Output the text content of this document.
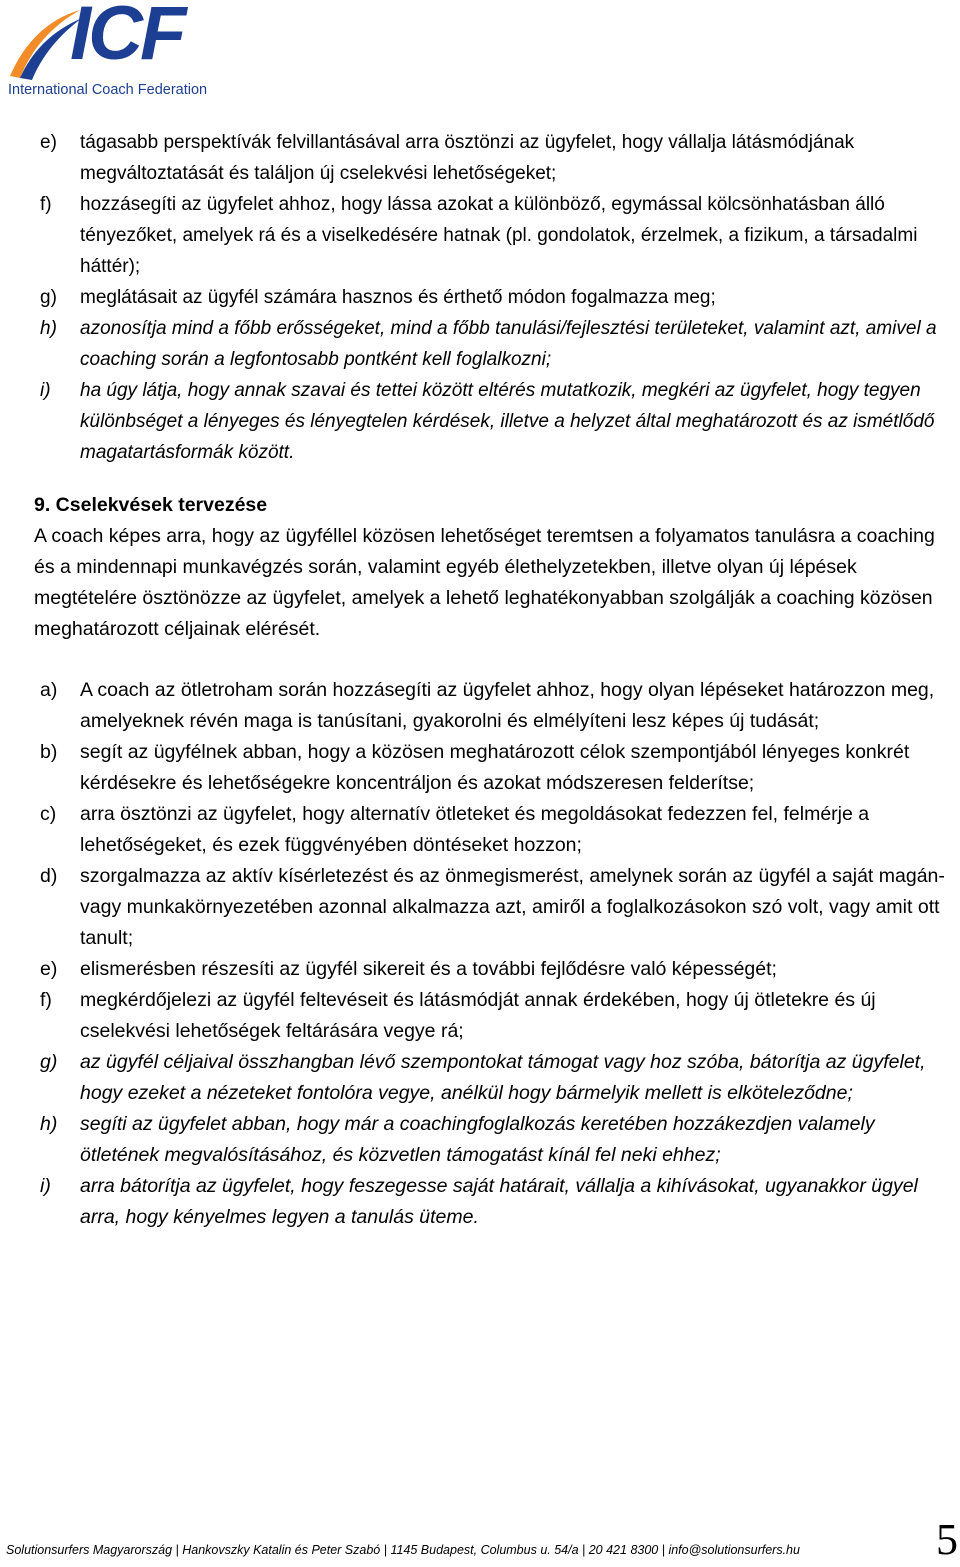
ICF
International Coach Federation
e) tágasabb perspektívák felvillantásával arra ösztönzi az ügyfelet, hogy vállalja látásmódjának megváltoztatását és találjon új cselekvési lehetőségeket;
f) hozzásegíti az ügyfelet ahhoz, hogy lássa azokat a különböző, egymással kölcsönhatásban álló tényezőket, amelyek rá és a viselkedésére hatnak (pl. gondolatok, érzelmek, a fizikum, a társadalmi háttér);
g) meglátásait az ügyfél számára hasznos és érthető módon fogalmazza meg;
h) azonosítja mind a főbb erősségeket, mind a főbb tanulási/fejlesztési területeket, valamint azt, amivel a coaching során a legfontosabb pontként kell foglalkozni;
i) ha úgy látja, hogy annak szavai és tettei között eltérés mutatkozik, megkéri az ügyfelet, hogy tegyen különbséget a lényeges és lényegtelen kérdések, illetve a helyzet által meghatározott és az ismétlődő magatartásformák között.
9. Cselekvések tervezése

A coach képes arra, hogy az ügyféllel közösen lehetőséget teremtsen a folyamatos tanulásra a coaching és a mindennapi munkavégzés során, valamint egyéb élethelyzetekben, illetve olyan új lépések megtételére ösztönözze az ügyfelet, amelyek a lehető leghatékonyabban szolgálják a coaching közösen meghatározott céljainak elérését.

a) A coach az ötletroham során hozzásegíti az ügyfelet ahhoz, hogy olyan lépéseket határozzon meg, amelyeknek révén maga is tanúsítani, gyakorolni és elmélyíteni lesz képes új tudását;
b) segít az ügyfélnek abban, hogy a közösen meghatározott célok szempontjából lényeges konkrét kérdésekre és lehetőségekre koncentráljon és azokat módszeresen felderítse;
c) arra ösztönzi az ügyfelet, hogy alternatív ötleteket és megoldásokat fedezzen fel, felmérje a lehetőségeket, és ezek függvényében döntéseket hozzon;
d) szorgalmazza az aktív kísérletezést és az önmegismerést, amelynek során az ügyfél a saját magán- vagy munkakörnyezetében azonnal alkalmazza azt, amiről a foglalkozásokon szó volt, vagy amit ott tanult;
e) elismerésben részesíti az ügyfél sikereit és a további fejlődésre való képességét;
f) megkérdőjelezi az ügyfél feltevéseit és látásmódját annak érdekében, hogy új ötletekre és új cselekvési lehetőségek feltárására vegye rá;
g) az ügyfél céljaival összhangban lévő szempontokat támogat vagy hoz szóba, bátorítja az ügyfelet, hogy ezeket a nézeteket fontolóra vegye, anélkül hogy bármelyik mellett is elköteleződne;
h) segíti az ügyfelet abban, hogy már a coachingfoglalkozás keretében hozzákezdjen valamely ötletének megvalósításához, és közvetlen támogatást kínál fel neki ehhez;
i) arra bátorítja az ügyfelet, hogy feszegesse saját határait, vállalja a kihívásokat, ugyanakkor ügyel arra, hogy kényelmes legyen a tanulás üteme.
Solutionsurfers Magyarország | Hankovszky Katalin és Peter Szabó | 1145 Budapest, Columbus u. 54/a | 20 421 8300 | info@solutionsurfers.hu	5
